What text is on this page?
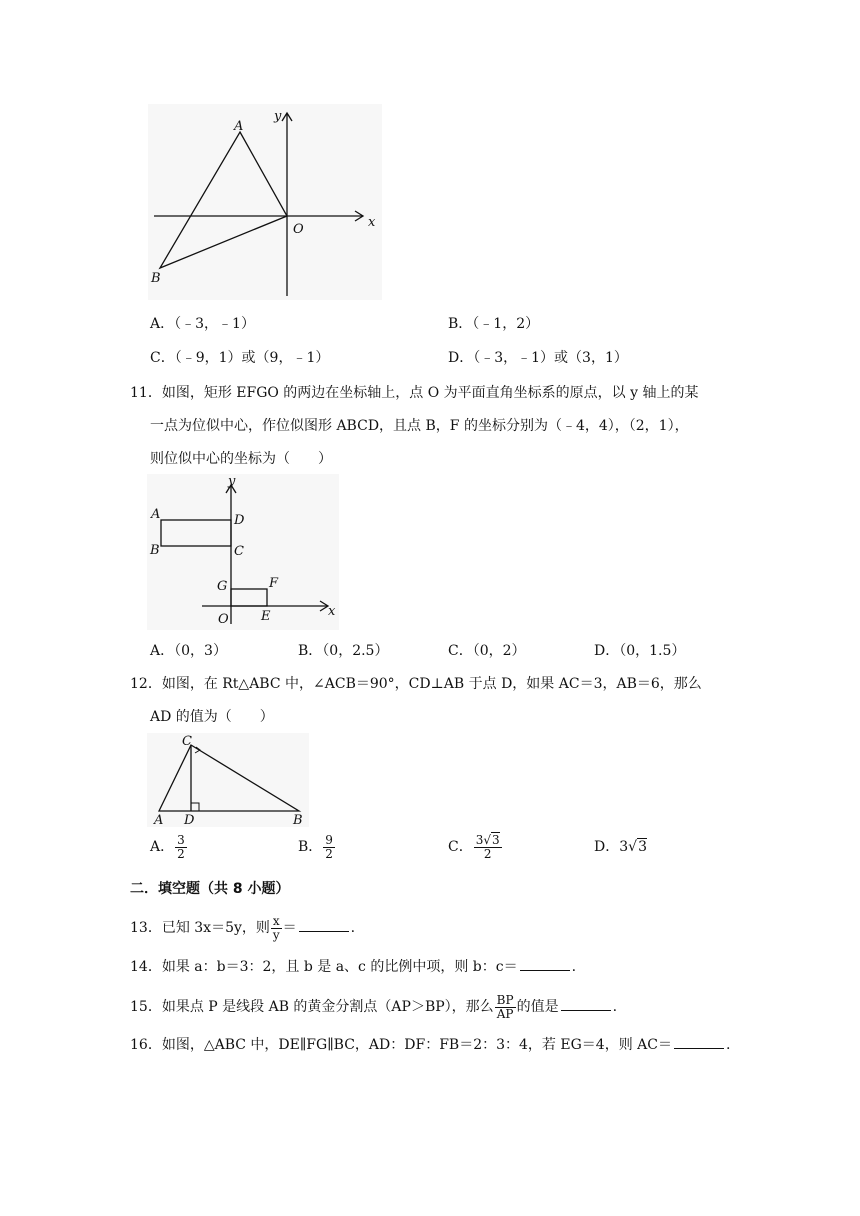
A
B
O	x
y
A．（﹣3，﹣1）	B．（﹣1，2）
C．（﹣9，1）或（9，﹣1）	D．（﹣3，﹣1）或（3，1）
11．如图，矩形 EFGO 的两边在坐标轴上，点 O 为平面直角坐标系的原点，以 y 轴上的某
一点为位似中心，作位似图形 ABCD，且点 B，F 的坐标分别为（﹣4，4），（2，1），
则位似中心的坐标为（　　）
A
B	C
D
G	F
O E	x
y
A．（0，3）	B．（0，2.5）	C．（0，2）	D．（0，1.5）
12．如图，在 Rt△ABC 中，∠ACB＝90°，CD⊥AB 于点 D，如果 AC＝3，AB＝6，那么
AD 的值为（　　）
A D
C
B
A． $\frac{3}{2}$	B． $\frac{9}{2}$	C． $\frac{3√3}{2}$	D．3√3
二．填空题（共 8 小题）
13．已知 3x＝5y，则 $\frac{x}{y}$ ＝	.
14．如果 a：b＝3：2，且 b 是 a、c 的比例中项，则 b：c＝	.
15．如果点 P 是线段 AB 的黄金分割点（AP＞BP），那么 $\frac{BP}{AP}$ 的值是	.
16．如图，△ABC 中，DE∥FG∥BC，AD：DF：FB＝2：3：4，若 EG＝4，则 AC＝	.
